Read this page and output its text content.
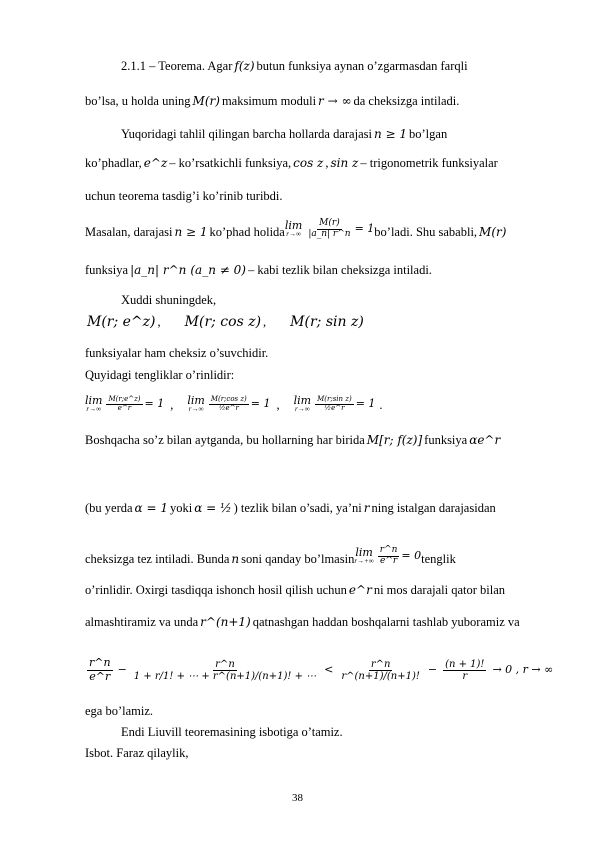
2.1.1 – Teorema. Agar f(z) butun funksiya aynan o’zgarmasdan farqli
bo’lsa, u holda uning M(r) maksimum moduli r → ∞ da cheksizga intiladi.
Yuqoridagi tahlil qilingan barcha hollarda darajasi n ≥ 1 bo’lgan
ko’phadlar, e^z – ko’rsatkichli funksiya, cos z , sin z – trigonometrik funksiyalar
uchun teorema tasdig’i ko’rinib turibdi.
Masalan, darajasi n ≥ 1 ko’phad holida lim
$r\to\infty \frac{M(r)}{|a\_n| r\^{}n} = 1$ bo’ladi. Shu sababli, M(r)
funksiya |a_n| r^n (a_n ≠ 0) – kabi tezlik bilan cheksizga intiladi.
Xuddi shuningdek,
M(r; e^z) , M(r; cos z) , M(r; sin z)
funksiyalar ham cheksiz o’suvchidir.
Quyidagi tengliklar o’rinlidir:
lim
$r\to\infty \frac{M(r;e\^{}z)}{e\^{}r} = 1$ , lim
$r\to\infty \frac{\text{M(r;cos z)}}{\text{½e\textasciicircum{}r}} = 1$ , lim
$r\to\infty \frac{\text{M(r;sin z)}}{\text{½e\textasciicircum{}r}} = 1$ .
Boshqacha so’z bilan aytganda, bu hollarning har birida M[r; f(z)] funksiya αe^r
(bu yerda α = 1 yoki α = ½ ) tezlik bilan o’sadi, ya’ni r ning istalgan darajasidan
cheksizga tez intiladi. Bunda n soni qanday bo’lmasin lim
$r\to+\infty \frac{r\^{}n}{e\^{}r} = 0$ tenglik
o’rinlidir. Oxirgi tasdiqqa ishonch hosil qilish uchun e^r ni mos darajali qator bilan
almashtiramiz va unda r^(n+1) qatnashgan haddan boshqalarni tashlab yuboramiz va
$\frac{r\^{}n}{e\^{}r} - \frac{r\^{}n}{1 + r/1! + \cdots + r\^{}(n+1)/(n+1)! + \cdots} < \frac{r\^{}n}{r\^{}(n+1)/(n+1)!} - \frac{(n + 1)!}{r} \to 0$ , r → ∞
ega bo’lamiz.
Endi Liuvill teoremasining isbotiga o’tamiz.
Isbot. Faraz qilaylik,
38
